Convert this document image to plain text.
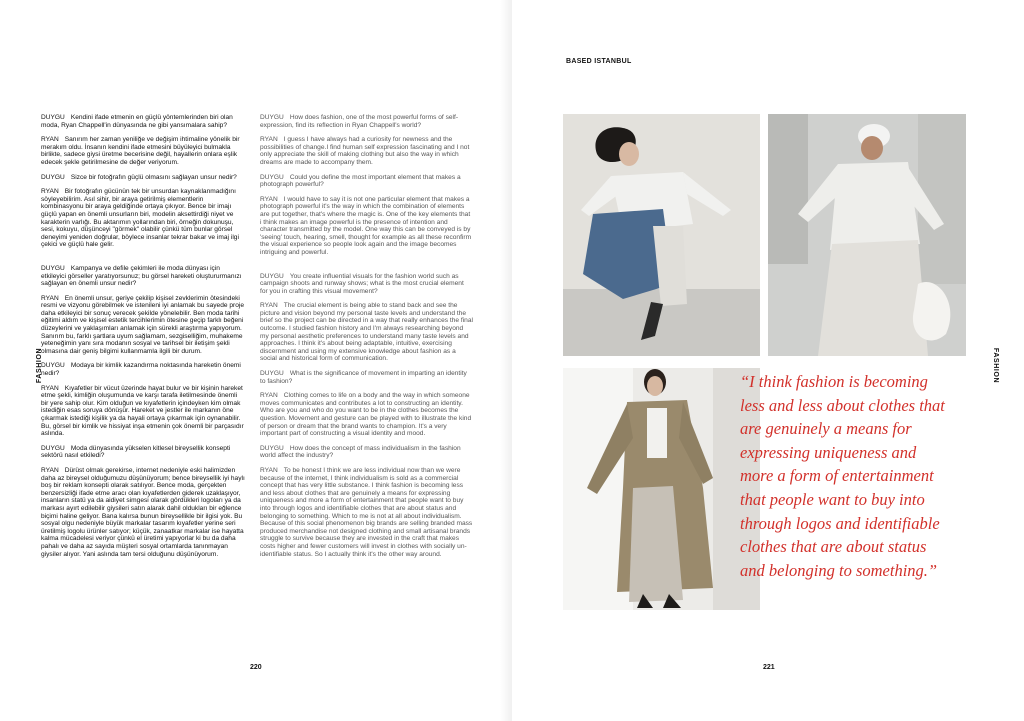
FASHION

DUYGU Kendini ifade etmenin en güçlü yöntemlerinden biri olan moda, Ryan Chappell'in dünyasında ne gibi yansımalara sahip?

RYAN Sanırım her zaman yeniliğe ve değişim ihtimaline yönelik bir merakım oldu. İnsanın kendini ifade etmesini büyüleyici bulmakla birlikte, sadece giysi üretme becerisine değil, hayallerin onlara eşlik edecek şekle getirilmesine de değer veriyorum.

DUYGU Sizce bir fotoğrafın güçlü olmasını sağlayan unsur nedir?

RYAN Bir fotoğrafın gücünün tek bir unsurdan kaynaklanmadığını söyleyebilirim. Asıl sihir, bir araya getirilmiş elementlerin kombinasyonu bir araya geldiğinde ortaya çıkıyor. Bence bir imajı güçlü yapan en önemli unsurların biri, modelin aksettirdiği niyet ve karakterin varlığı. Bu aktarımın yollarından biri, örneğin dokunuşu, sesi, kokuyu, düşünceyi "görmek" olabilir çünkü tüm bunlar görsel deneyimi yeniden doğrular, böylece insanlar tekrar bakar ve imaj ilgi çekici ve güçlü hale gelir.

DUYGU Kampanya ve defile çekimleri ile moda dünyası için etkileyici görseller yaratıyorsunuz; bu görsel hareketi oluştururmanızı sağlayan en önemli unsur nedir?

RYAN En önemli unsur, geriye çekilip kişisel zevklerimin ötesindeki resmi ve vizyonu görebilmek ve istenileni iyi anlamak bu sayede proje daha etkileyici bir sonuç verecek şekilde yönelebilir. Ben moda tarihi eğitimi aldım ve kişisel estetik tercihlerimin ötesine geçip farklı beğeni düzeylerini ve yaklaşımları anlamak için sürekli araştırma yapıyorum. Sanırım bu, farklı şartlara uyum sağlamam, sezgiselliğim, muhakeme yeteneğimin yanı sıra modanın sosyal ve tarihsel bir iletişim şekli olmasına dair geniş bilgimi kullanmamla ilgili bir durum.

DUYGU Modaya bir kimlik kazandırma noktasında hareketin önemi nedir?

RYAN Kıyafetler bir vücut üzerinde hayat bulur ve bir kişinin hareket etme şekli, kimliğin oluşumunda ve karşı tarafa iletilmesinde önemli bir yere sahip olur. Kim olduğun ve kıyafetlerin içindeyken kim olmak istediğin esas soruya dönüşür. Hareket ve jestler ile markanın öne çıkarmak istediği kişilik ya da hayali ortaya çıkarmak için oynanabilir. Bu, görsel bir kimlik ve hissiyat inşa etmenin çok önemli bir parçasıdır aslında.

DUYGU Moda dünyasında yükselen kitlesel bireysellik konsepti sektörü nasıl etkiledi?

RYAN Dürüst olmak gerekirse, internet nedeniyle eski halimizden daha az bireysel olduğumuzu düşünüyorum; bence bireysellik iyi haylı boş bir reklam konsepti olarak satılıyor. Bence moda, gerçekten benzersizliği ifade etme aracı olan kıyafetlerden giderek uzaklaşıyor, insanların statü ya da aidiyet simgesi olarak gördükleri logoları ya da markası ayırt edilebilir giysileri satın alarak dahil oldukları bir eğlence biçimi haline geliyor. Bana kalırsa bunun bireysellikle bir ilgisi yok. Bu sosyal olgu nedeniyle büyük markalar tasarım kıyafetler yerine seri üretilmiş logolu ürünler satıyor; küçük, zanaatkar markalar ise hayatta kalma mücadelesi veriyor çünkü el üretimi yapıyorlar ki bu da daha pahalı ve daha az sayıda müşteri sosyal ortamlarda tanınmayan giysiler alıyor. Yani aslında tam tersi olduğunu düşünüyorum.

DUYGU How does fashion, one of the most powerful forms of self-expression, find its reflection in Ryan Chappell's world?

RYAN I guess I have always had a curiosity for newness and the possibilities of change.I find human self expression fascinating and I not only appreciate the skill of making clothing but also the way in which dreams are made to accompany them.

DUYGU Could you define the most important element that makes a photograph powerful?

RYAN I would have to say it is not one particular element that makes a photograph powerful it's the way in which the combination of elements are put together, that's where the magic is. One of the key elements that i think makes an image powerful is the presence of intention and character transmitted by the model. One way this can be conveyed is by 'seeing' touch, hearing, smell, thought for example as all these reconfirm the visual experience so people look again and the image becomes intriguing and powerful.

DUYGU You create influential visuals for the fashion world such as campaign shoots and runway shows; what is the most crucial element for you in crafting this visual movement?

RYAN The crucial element is being able to stand back and see the picture and vision beyond my personal taste levels and understand the brief so the project can be directed in a way that really enhances the final outcome. I studied fashion history and I'm always researching beyond my personal aesthetic preferences to understand many taste levels and approaches. I think it's about being adaptable, intuitive, exercising discernment and using my extensive knowledge about fashion as a social and historical form of communication.

DUYGU What is the significance of movement in imparting an identity to fashion?

RYAN Clothing comes to life on a body and the way in which someone moves communicates and contributes a lot to constructing an identity. Who are you and who do you want to be in the clothes becomes the question. Movement and gesture can be played with to illustrate the kind of person or dream that the brand wants to champion. It's a very important part of constructing a visual identity and mood.

DUYGU How does the concept of mass individualism in the fashion world affect the industry?

RYAN To be honest I think we are less individual now than we were because of the internet, I think individualism is sold as a commercial concept that has very little substance. I think fashion is becoming less and less about clothes that are genuinely a means for expressing uniqueness and more a form of entertainment that people want to buy into through logos and identifiable clothes that are about status and belonging to something. Which to me is not at all about individualism. Because of this social phenomenon big brands are selling branded mass produced merchandise not designed clothing and small artisanal brands struggle to survive because they are invested in the craft that makes costs higher and fewer customers will invest in clothes with socially un-identifiable status. So I actually think it's the other way around.

220
BASED ISTANBUL
“I think fashion is becoming less and less about clothes that are genuinely a means for expressing uniqueness and more a form of entertainment that people want to buy into through logos and identifiable clothes that are about status and belonging to something.”
FASHION
221
